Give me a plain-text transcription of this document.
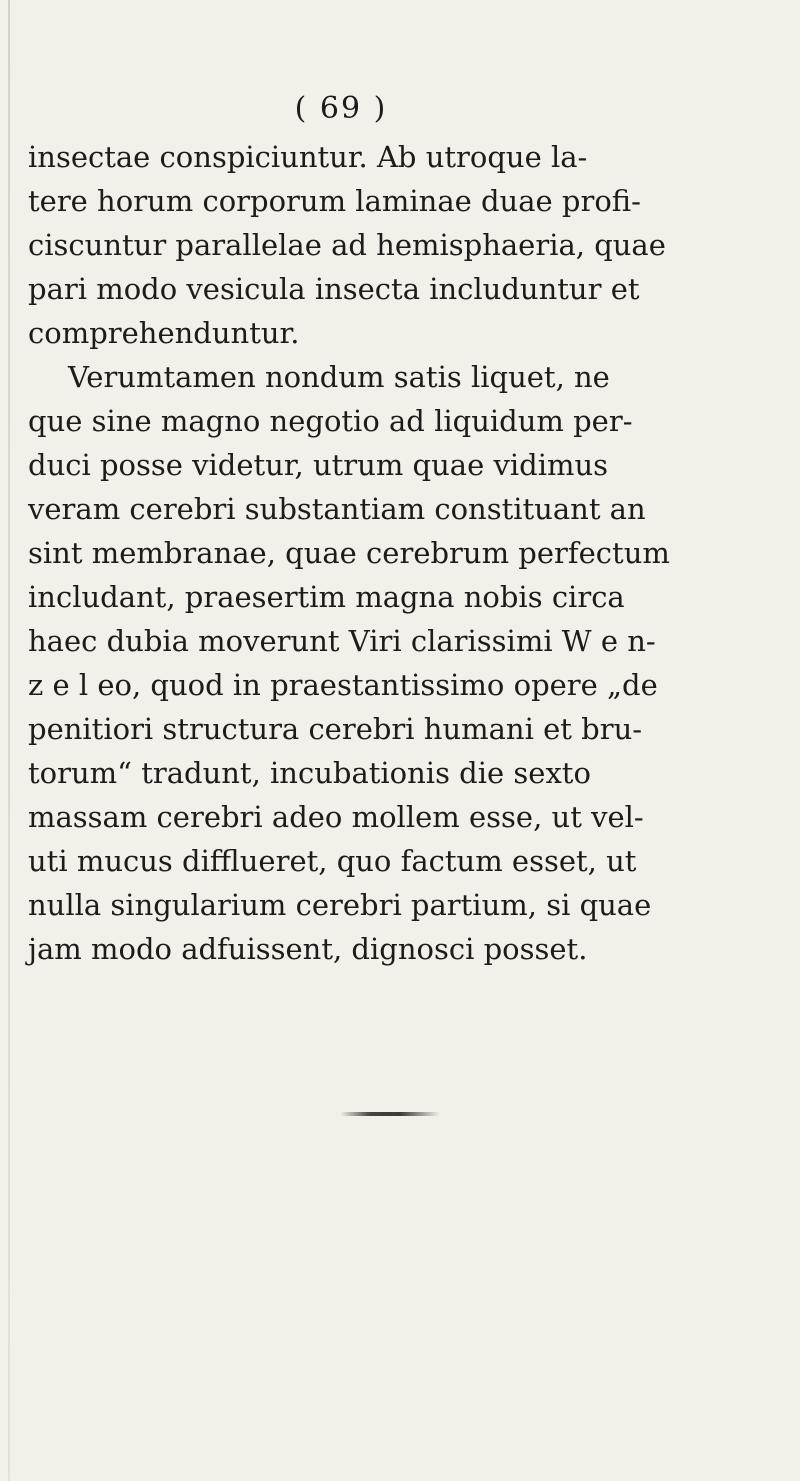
( 69 )
insectae conspiciuntur. Ab utroque la-
tere horum corporum laminae duae profi-
ciscuntur parallelae ad hemisphaeria, quae
pari modo vesicula insecta includuntur et
comprehenduntur.
Verumtamen nondum satis liquet, ne
que sine magno negotio ad liquidum per-
duci posse videtur, utrum quae vidimus
veram cerebri substantiam constituant an
sint membranae, quae cerebrum perfectum
includant, praesertim magna nobis circa
haec dubia moverunt Viri clarissimi W e n-
z e l eo, quod in praestantissimo opere „de
penitiori structura cerebri humani et bru-
torum“ tradunt, incubationis die sexto
massam cerebri adeo mollem esse, ut vel-
uti mucus difflueret, quo factum esset, ut
nulla singularium cerebri partium, si quae
jam modo adfuissent, dignosci posset.
